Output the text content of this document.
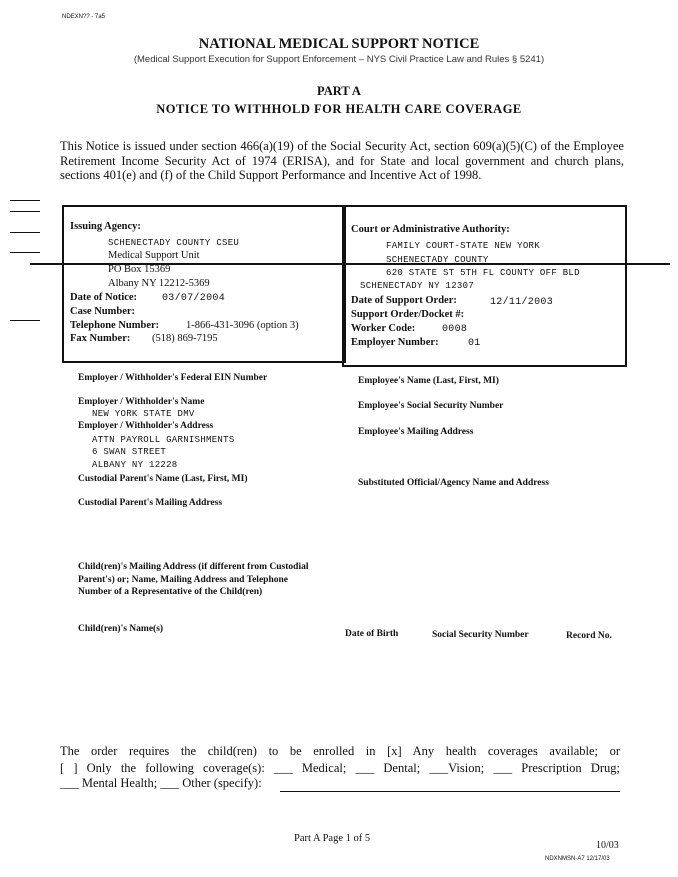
NDEXN?? - 7a5
NATIONAL MEDICAL SUPPORT NOTICE
(Medical Support Execution for Support Enforcement – NYS Civil Practice Law and Rules § 5241)
PART A
NOTICE TO WITHHOLD FOR HEALTH CARE COVERAGE
This Notice is issued under section 466(a)(19) of the Social Security Act, section 609(a)(5)(C) of the Employee Retirement Income Security Act of 1974 (ERISA), and for State and local government and church plans, sections 401(e) and (f) of the Child Support Performance and Incentive Act of 1998.
Issuing Agency:
SCHENECTADY COUNTY CSEU
Medical Support Unit
PO Box 15369
Albany NY 12212-5369
Date of Notice: 03/07/2004
Case Number:
Telephone Number:	1-866-431-3096 (option 3)
Fax Number: (518) 869-7195
Court or Administrative Authority:
FAMILY COURT-STATE NEW YORK
SCHENECTADY COUNTY
620 STATE ST 5TH FL COUNTY OFF BLD
SCHENECTADY NY 12307
Date of Support Order:	12/11/2003
Support Order/Docket #:
Worker Code:	0008
Employer Number:	01
Employer / Withholder's Federal EIN Number
Employer / Withholder's Name
NEW YORK STATE DMV
Employer / Withholder's Address
ATTN PAYROLL GARNISHMENTS
6 SWAN STREET
ALBANY NY 12228
Custodial Parent's Name (Last, First, MI)
Custodial Parent's Mailing Address
Child(ren)'s Mailing Address (if different from Custodial
Parent's) or; Name, Mailing Address and Telephone
Number of a Representative of the Child(ren)
Child(ren)'s Name(s)
Employee's Name (Last, First, MI)
Employee's Social Security Number
Employee's Mailing Address
Substituted Official/Agency Name and Address
Date of Birth	Social Security Number	Record No.
The order requires the child(ren) to be enrolled in [x] Any health coverages available; or
[ ] Only the following coverage(s): ___ Medical; ___ Dental; ___Vision; ___ Prescription Drug;
___ Mental Health; ___ Other (specify):
Part A Page 1 of 5
10/03
NDXNMSN-A7 12/17/03
